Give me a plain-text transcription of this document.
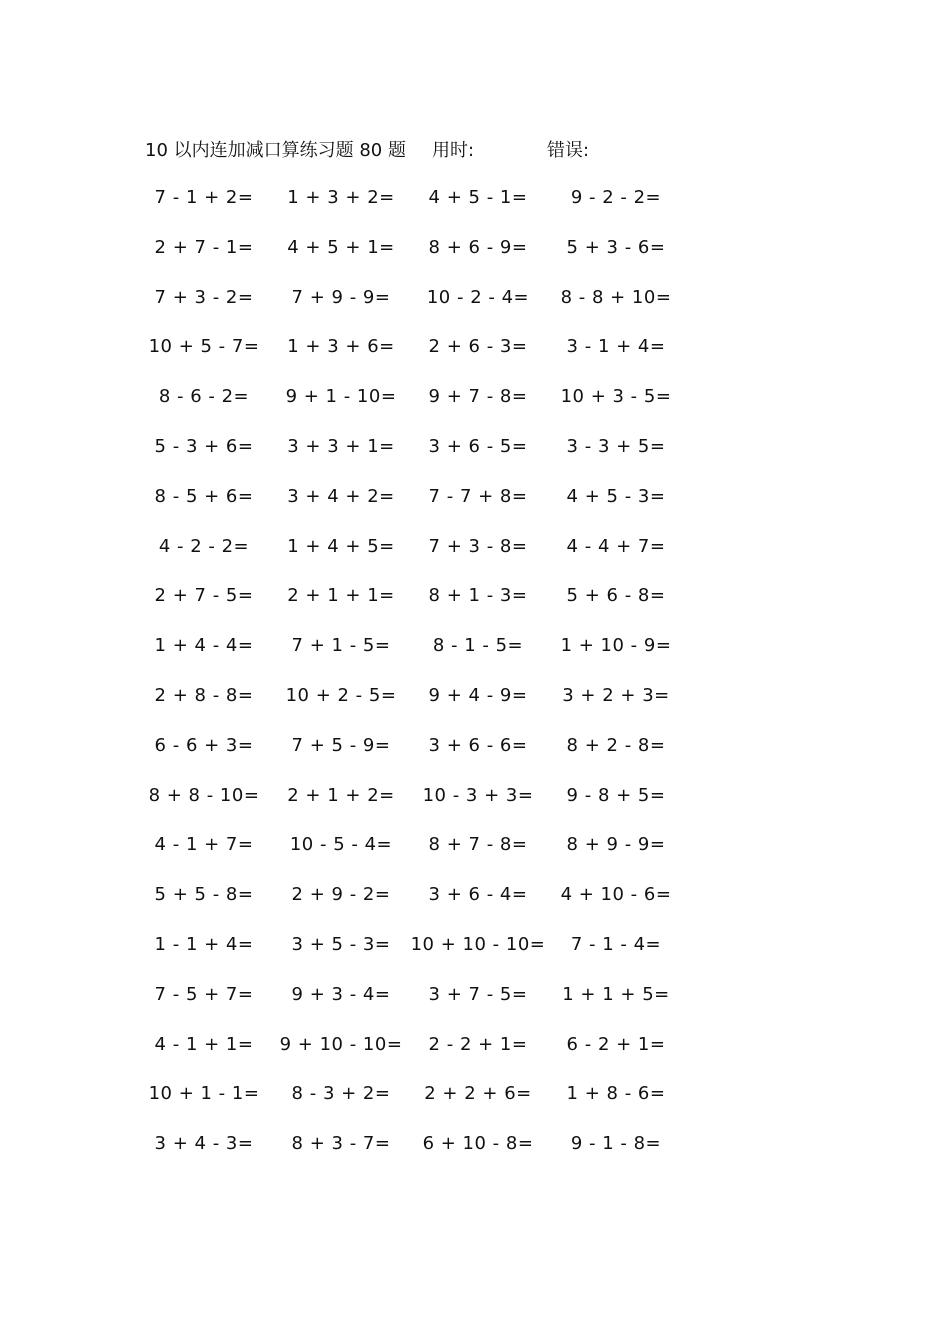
10 以内连加减口算练习题 80 题 用时:	错误:
7 - 1 + 2=	1 + 3 + 2=	4 + 5 - 1=	9 - 2 - 2=
2 + 7 - 1=	4 + 5 + 1=	8 + 6 - 9=	5 + 3 - 6=
7 + 3 - 2=	7 + 9 - 9=	10 - 2 - 4=	8 - 8 + 10=
10 + 5 - 7=	1 + 3 + 6=	2 + 6 - 3=	3 - 1 + 4=
8 - 6 - 2=	9 + 1 - 10=	9 + 7 - 8=	10 + 3 - 5=
5 - 3 + 6=	3 + 3 + 1=	3 + 6 - 5=	3 - 3 + 5=
8 - 5 + 6=	3 + 4 + 2=	7 - 7 + 8=	4 + 5 - 3=
4 - 2 - 2=	1 + 4 + 5=	7 + 3 - 8=	4 - 4 + 7=
2 + 7 - 5=	2 + 1 + 1=	8 + 1 - 3=	5 + 6 - 8=
1 + 4 - 4=	7 + 1 - 5=	8 - 1 - 5=	1 + 10 - 9=
2 + 8 - 8=	10 + 2 - 5=	9 + 4 - 9=	3 + 2 + 3=
6 - 6 + 3=	7 + 5 - 9=	3 + 6 - 6=	8 + 2 - 8=
8 + 8 - 10=	2 + 1 + 2=	10 - 3 + 3=	9 - 8 + 5=
4 - 1 + 7=	10 - 5 - 4=	8 + 7 - 8=	8 + 9 - 9=
5 + 5 - 8=	2 + 9 - 2=	3 + 6 - 4=	4 + 10 - 6=
1 - 1 + 4=	3 + 5 - 3=	10 + 10 - 10=	7 - 1 - 4=
7 - 5 + 7=	9 + 3 - 4=	3 + 7 - 5=	1 + 1 + 5=
4 - 1 + 1=	9 + 10 - 10=	2 - 2 + 1=	6 - 2 + 1=
10 + 1 - 1=	8 - 3 + 2=	2 + 2 + 6=	1 + 8 - 6=
3 + 4 - 3=	8 + 3 - 7=	6 + 10 - 8=	9 - 1 - 8=
